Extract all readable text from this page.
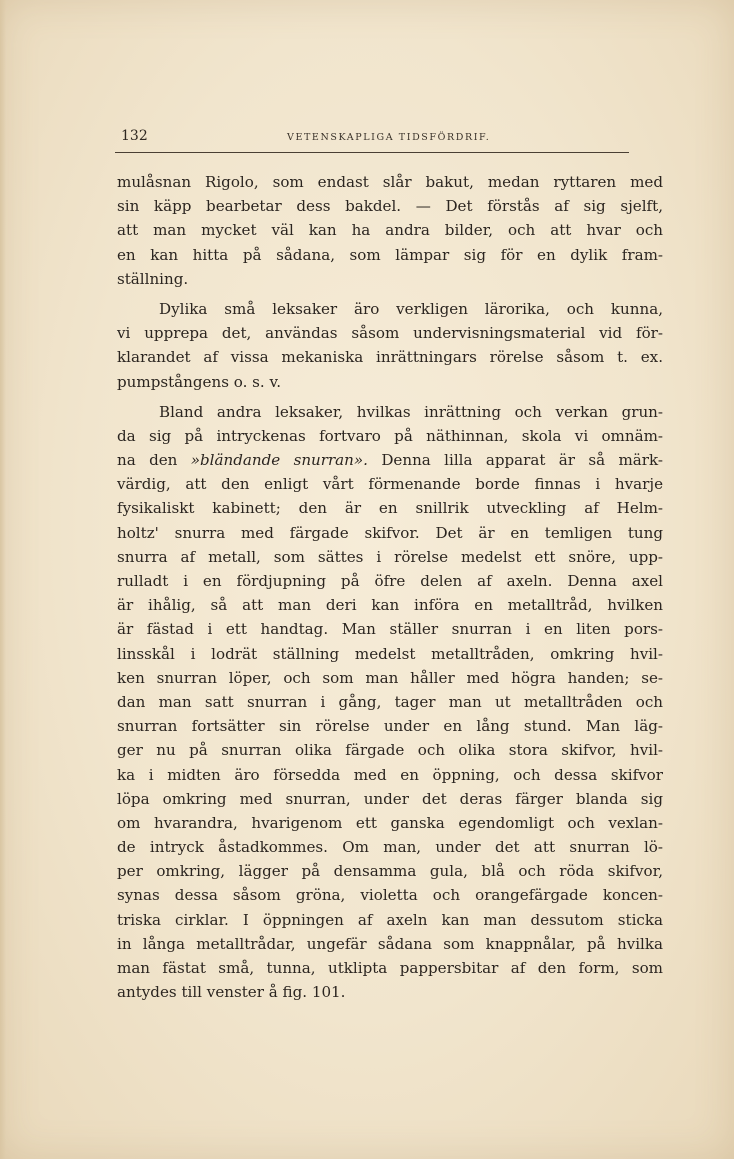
132	VETENSKAPLIGA TIDSFÖRDRIF.
mulåsnan Rigolo, som endast slår bakut, medan ryttaren med
sin käpp bearbetar dess bakdel. — Det förstås af sig sjelft,
att man mycket väl kan ha andra bilder, och att hvar och
en kan hitta på sådana, som lämpar sig för en dylik fram-
ställning.
Dylika små leksaker äro verkligen lärorika, och kunna,
vi upprepa det, användas såsom undervisningsmaterial vid för-
klarandet af vissa mekaniska inrättningars rörelse såsom t. ex.
pumpstångens o. s. v.
Bland andra leksaker, hvilkas inrättning och verkan grun-
da sig på intryckenas fortvaro på näthinnan, skola vi omnäm-
na den »bländande snurran». Denna lilla apparat är så märk-
värdig, att den enligt vårt förmenande borde finnas i hvarje
fysikaliskt kabinett; den är en snillrik utveckling af Helm-
holtz' snurra med färgade skifvor. Det är en temligen tung
snurra af metall, som sättes i rörelse medelst ett snöre, upp-
rulladt i en fördjupning på öfre delen af axeln. Denna axel
är ihålig, så att man deri kan införa en metalltråd, hvilken
är fästad i ett handtag. Man ställer snurran i en liten pors-
linsskål i lodrät ställning medelst metalltråden, omkring hvil-
ken snurran löper, och som man håller med högra handen; se-
dan man satt snurran i gång, tager man ut metalltråden och
snurran fortsätter sin rörelse under en lång stund. Man läg-
ger nu på snurran olika färgade och olika stora skifvor, hvil-
ka i midten äro försedda med en öppning, och dessa skifvor
löpa omkring med snurran, under det deras färger blanda sig
om hvarandra, hvarigenom ett ganska egendomligt och vexlan-
de intryck åstadkommes. Om man, under det att snurran lö-
per omkring, lägger på densamma gula, blå och röda skifvor,
synas dessa såsom gröna, violetta och orangefärgade koncen-
triska cirklar. I öppningen af axeln kan man dessutom sticka
in långa metalltrådar, ungefär sådana som knappnålar, på hvilka
man fästat små, tunna, utklipta pappersbitar af den form, som
antydes till venster å fig. 101.
